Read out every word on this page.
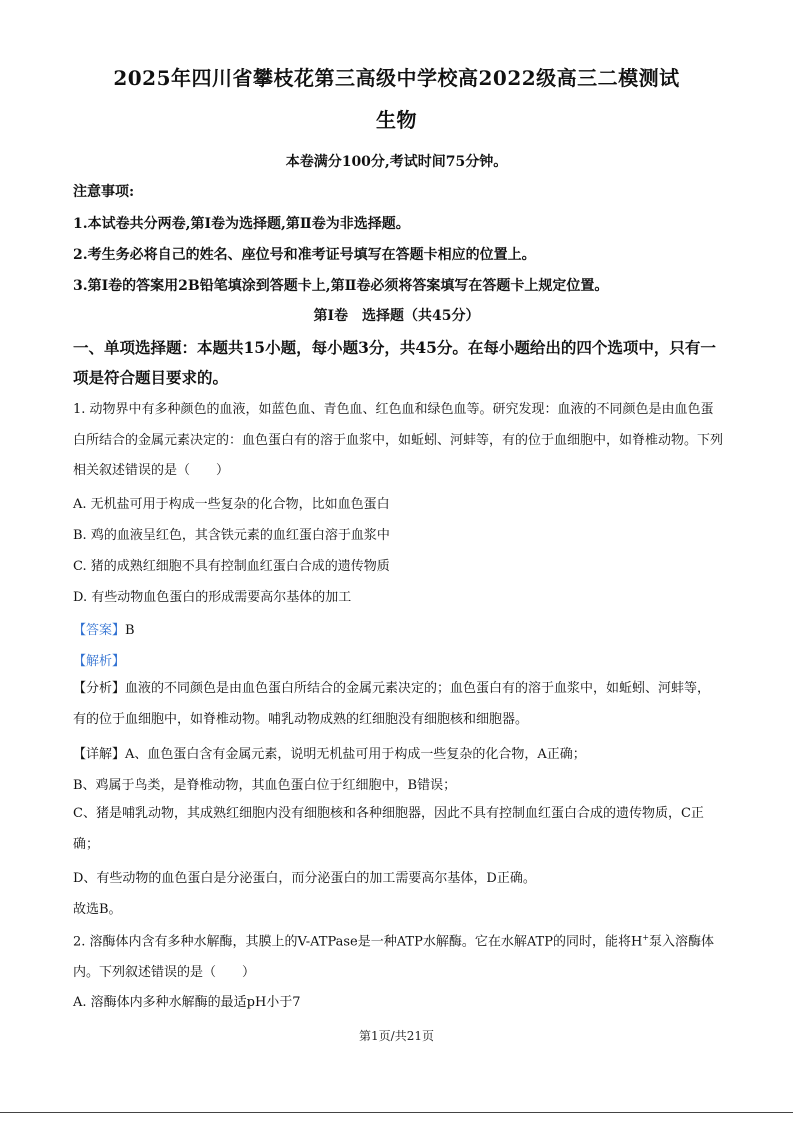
2025年四川省攀枝花第三高级中学校高2022级高三二模测试
生物
本卷满分100分,考试时间75分钟。
注意事项:
1.本试卷共分两卷,第Ⅰ卷为选择题,第Ⅱ卷为非选择题。
2.考生务必将自己的姓名、座位号和准考证号填写在答题卡相应的位置上。
3.第Ⅰ卷的答案用2B铅笔填涂到答题卡上,第Ⅱ卷必须将答案填写在答题卡上规定位置。
第Ⅰ卷　选择题（共45分）
一、单项选择题：本题共15小题，每小题3分，共45分。在每小题给出的四个选项中，只有一项是符合题目要求的。

1. 动物界中有多种颜色的血液，如蓝色血、青色血、红色血和绿色血等。研究发现：血液的不同颜色是由血色蛋白所结合的金属元素决定的：血色蛋白有的溶于血浆中，如蚯蚓、河蚌等，有的位于血细胞中，如脊椎动物。下列相关叙述错误的是（　　）

A. 无机盐可用于构成一些复杂的化合物，比如血色蛋白
B. 鸡的血液呈红色，其含铁元素的血红蛋白溶于血浆中
C. 猪的成熟红细胞不具有控制血红蛋白合成的遗传物质
D. 有些动物血色蛋白的形成需要高尔基体的加工
【答案】B
【解析】

【分析】血液的不同颜色是由血色蛋白所结合的金属元素决定的；血色蛋白有的溶于血浆中，如蚯蚓、河蚌等，有的位于血细胞中，如脊椎动物。哺乳动物成熟的红细胞没有细胞核和细胞器。

【详解】A、血色蛋白含有金属元素，说明无机盐可用于构成一些复杂的化合物，A正确；
B、鸡属于鸟类，是脊椎动物，其血色蛋白位于红细胞中，B错误；

C、猪是哺乳动物，其成熟红细胞内没有细胞核和各种细胞器，因此不具有控制血红蛋白合成的遗传物质，C正确；

D、有些动物的血色蛋白是分泌蛋白，而分泌蛋白的加工需要高尔基体，D正确。
故选B。

2. 溶酶体内含有多种水解酶，其膜上的V-ATPase是一种ATP水解酶。它在水解ATP的同时，能将H+泵入溶酶体内。下列叙述错误的是（　　）

A. 溶酶体内多种水解酶的最适pH小于7
第1页/共21页
